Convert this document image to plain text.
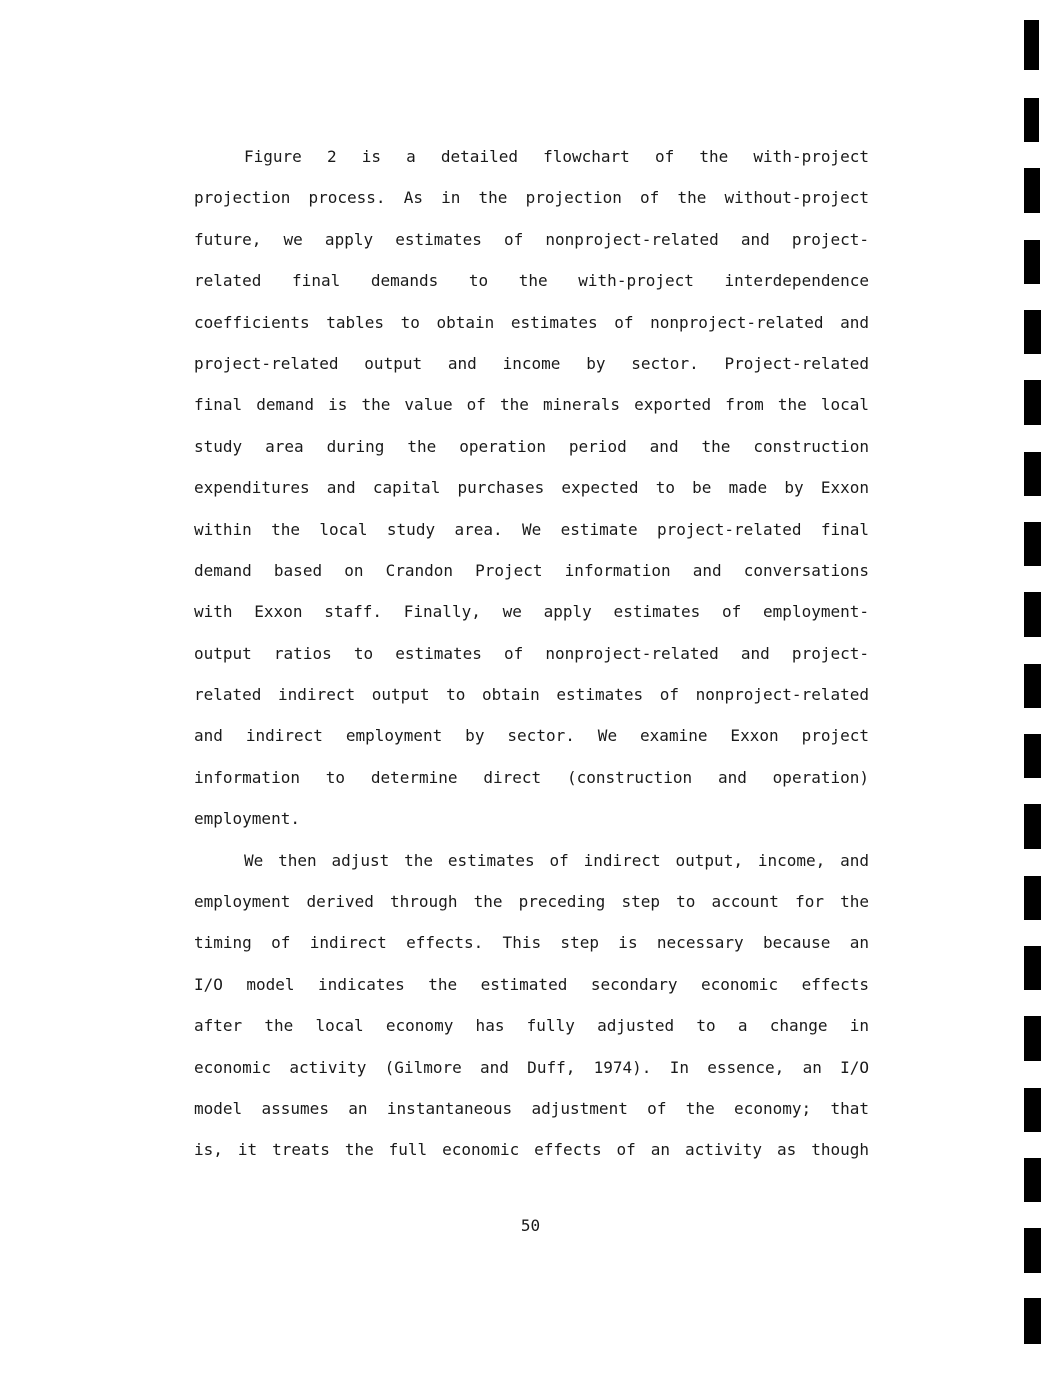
Figure 2 is a detailed flowchart of the with-project
projection process. As in the projection of the without-project
future, we apply estimates of nonproject-related and project-
related final demands to the with-project interdependence
coefficients tables to obtain estimates of nonproject-related and
project-related output and income by sector. Project-related
final demand is the value of the minerals exported from the local
study area during the operation period and the construction
expenditures and capital purchases expected to be made by Exxon
within the local study area. We estimate project-related final
demand based on Crandon Project information and conversations
with Exxon staff. Finally, we apply estimates of employment-
output ratios to estimates of nonproject-related and project-
related indirect output to obtain estimates of nonproject-related
and indirect employment by sector. We examine Exxon project
information to determine direct (construction and operation)
employment.
We then adjust the estimates of indirect output, income, and
employment derived through the preceding step to account for the
timing of indirect effects. This step is necessary because an
I/O model indicates the estimated secondary economic effects
after the local economy has fully adjusted to a change in
economic activity (Gilmore and Duff, 1974). In essence, an I/O
model assumes an instantaneous adjustment of the economy; that
is, it treats the full economic effects of an activity as though
50
